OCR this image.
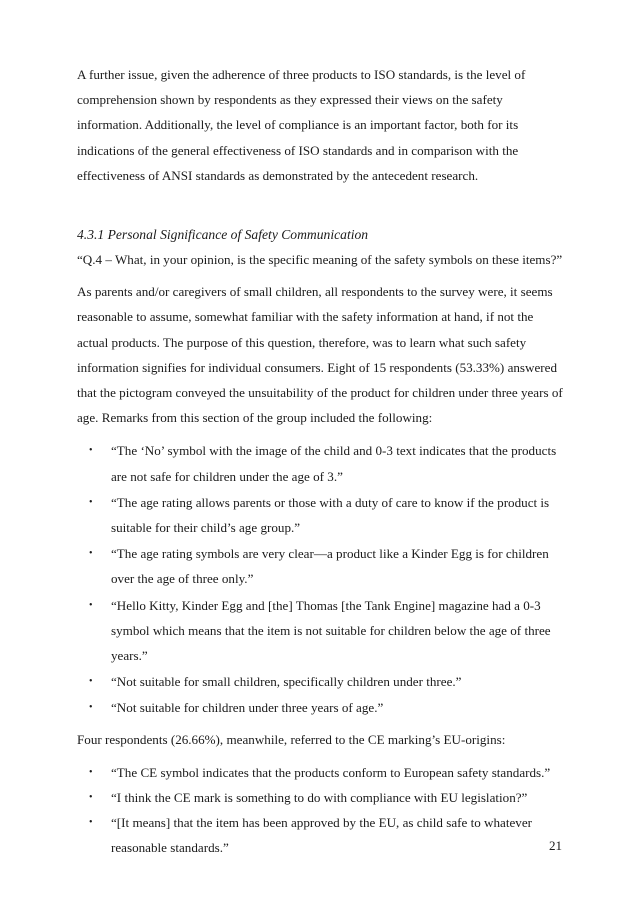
A further issue, given the adherence of three products to ISO standards, is the level of comprehension shown by respondents as they expressed their views on the safety information. Additionally, the level of compliance is an important factor, both for its indications of the general effectiveness of ISO standards and in comparison with the effectiveness of ANSI standards as demonstrated by the antecedent research.

4.3.1 Personal Significance of Safety Communication

“Q.4 – What, in your opinion, is the specific meaning of the safety symbols on these items?”

As parents and/or caregivers of small children, all respondents to the survey were, it seems reasonable to assume, somewhat familiar with the safety information at hand, if not the actual products. The purpose of this question, therefore, was to learn what such safety information signifies for individual consumers. Eight of 15 respondents (53.33%) answered that the pictogram conveyed the unsuitability of the product for children under three years of age. Remarks from this section of the group included the following:

• “The ‘No’ symbol with the image of the child and 0-3 text indicates that the products are not safe for children under the age of 3.”
• “The age rating allows parents or those with a duty of care to know if the product is suitable for their child’s age group.”
• “The age rating symbols are very clear—a product like a Kinder Egg is for children over the age of three only.”
• “Hello Kitty, Kinder Egg and [the] Thomas [the Tank Engine] magazine had a 0-3 symbol which means that the item is not suitable for children below the age of three years.”
• “Not suitable for small children, specifically children under three.”
• “Not suitable for children under three years of age.”

Four respondents (26.66%), meanwhile, referred to the CE marking’s EU-origins:

• “The CE symbol indicates that the products conform to European safety standards.”
• “I think the CE mark is something to do with compliance with EU legislation?”
• “[It means] that the item has been approved by the EU, as child safe to whatever reasonable standards.”	21
